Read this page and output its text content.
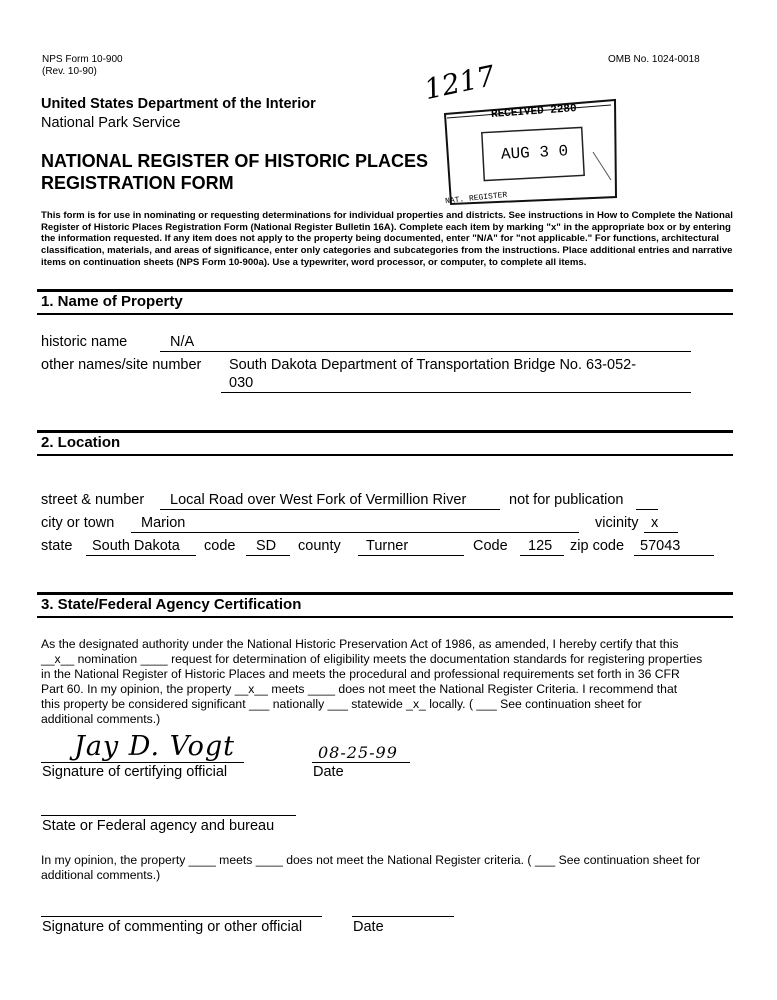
NPS Form 10-900
(Rev. 10-90)
OMB No. 1024-0018
1217
United States Department of the Interior
National Park Service
NATIONAL REGISTER OF HISTORIC PLACES
REGISTRATION FORM
RECEIVED 2280
AUG 3 0
NAT. REGISTER
This form is for use in nominating or requesting determinations for individual properties and districts. See instructions in How to Complete the National
Register of Historic Places Registration Form (National Register Bulletin 16A). Complete each item by marking "x" in the appropriate box or by entering
the information requested. If any item does not apply to the property being documented, enter "N/A" for "not applicable." For functions, architectural
classification, materials, and areas of significance, enter only categories and subcategories from the instructions. Place additional entries and narrative
items on continuation sheets (NPS Form 10-900a). Use a typewriter, word processor, or computer, to complete all items.
1. Name of Property
historic name	N/A
other names/site number South Dakota Department of Transportation Bridge No. 63-052-
030
2. Location
street & number Local Road over West Fork of Vermillion River	not for publication
city or town Marion	vicinity x
state South Dakota code SD county Turner	Code 125 zip code 57043
3. State/Federal Agency Certification
As the designated authority under the National Historic Preservation Act of 1986, as amended, I hereby certify that this
__x__ nomination ____ request for determination of eligibility meets the documentation standards for registering properties
in the National Register of Historic Places and meets the procedural and professional requirements set forth in 36 CFR
Part 60. In my opinion, the property __x__ meets ____ does not meet the National Register Criteria. I recommend that
this property be considered significant ___ nationally ___ statewide _x_ locally. ( ___ See continuation sheet for
additional comments.)
Jay D. Vogt
Signature of certifying official
08-25-99
Date
State or Federal agency and bureau
In my opinion, the property ____ meets ____ does not meet the National Register criteria. ( ___ See continuation sheet for
additional comments.)
Signature of commenting or other official	Date
